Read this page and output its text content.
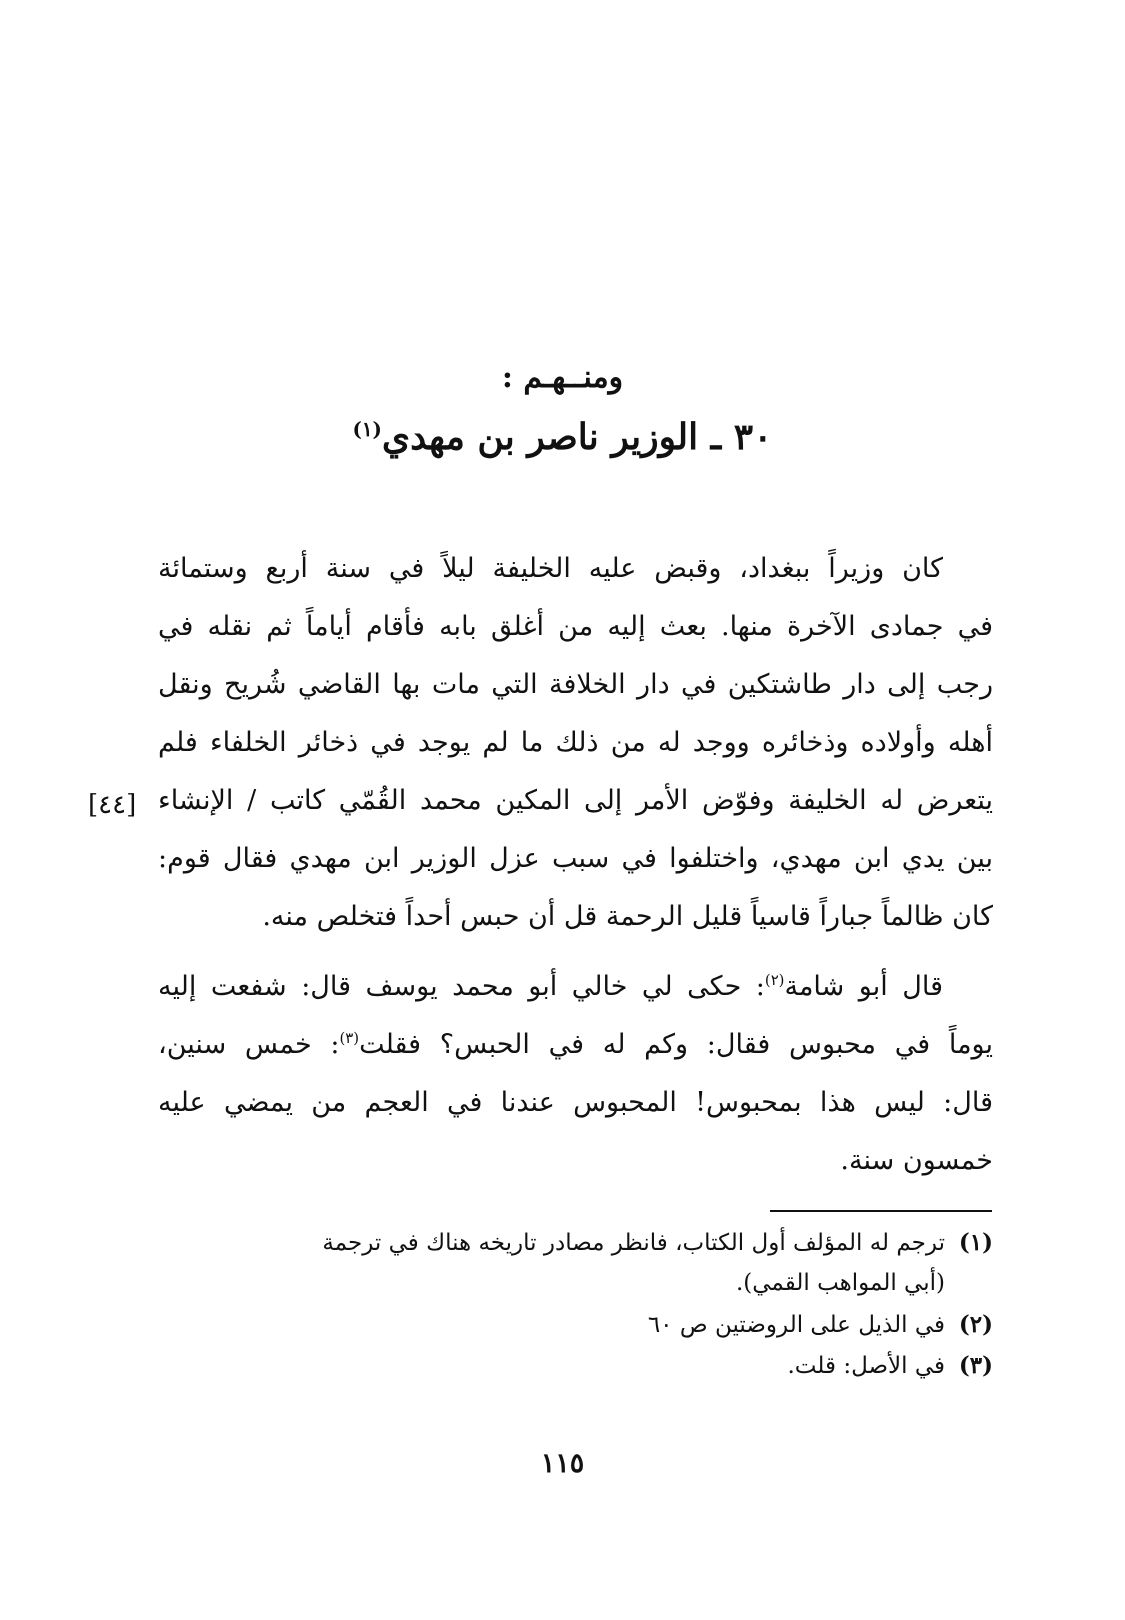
ومنــهـم :
٣٠ ـ الوزير ناصر بن مهدي$^{(١)}$
كان وزيراً ببغداد، وقبض عليه الخليفة ليلاً في سنة أربع وستمائة
في جمادى الآخرة منها. بعث إليه من أغلق بابه فأقام أياماً ثم نقله في
رجب إلى دار طاشتكين في دار الخلافة التي مات بها القاضي شُريح ونقل
أهله وأولاده وذخائره ووجد له من ذلك ما لم يوجد في ذخائر الخلفاء فلم
يتعرض له الخليفة وفوّض الأمر إلى المكين محمد القُمّي كاتب / الإنشاء
بين يدي ابن مهدي، واختلفوا في سبب عزل الوزير ابن مهدي فقال قوم:
كان ظالماً جباراً قاسياً قليل الرحمة قل أن حبس أحداً فتخلص منه.
[٤٤]
قال أبو شامة$^{(٢)}$: حكى لي خالي أبو محمد يوسف قال: شفعت إليه
يوماً في محبوس فقال: وكم له في الحبس؟ فقلت$^{(٣)}$: خمس سنين،
قال: ليس هذا بمحبوس! المحبوس عندنا في العجم من يمضي عليه
خمسون سنة.
(١)ترجم له المؤلف أول الكتاب، فانظر مصادر تاريخه هناك في ترجمة
(أبي المواهب القمي).
(٢)في الذيل على الروضتين ص ٦٠
(٣)في الأصل: قلت.
١١٥
